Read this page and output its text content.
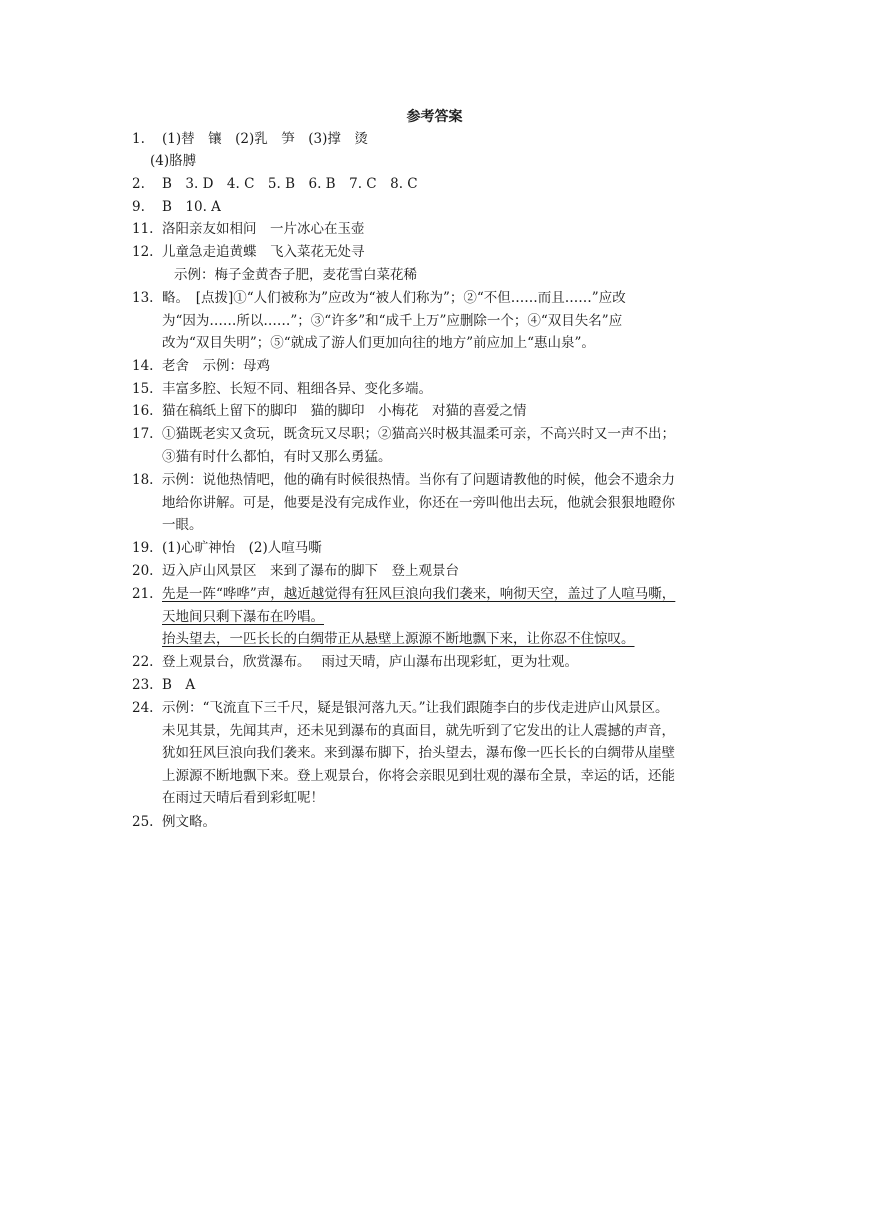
参考答案
1.	(1)替　镶　(2)乳　笋　(3)撑　烫
(4)胳膊
2.	B　3. D　4. C　5. B　6. B　7. C　8. C
9.	B　10. A
11. 洛阳亲友如相问　一片冰心在玉壶
12. 儿童急走追黄蝶　飞入菜花无处寻
示例：梅子金黄杏子肥，麦花雪白菜花稀
13. 略。　[点拨]①“人们被称为”应改为“被人们称为”；②“不但……而且……”应改
为“因为……所以……”；③“许多”和“成千上万”应删除一个；④“双目失名”应
改为“双目失明”；⑤“就成了游人们更加向往的地方”前应加上“惠山泉”。
14. 老舍　示例：母鸡
15. 丰富多腔、长短不同、粗细各异、变化多端。
16. 猫在稿纸上留下的脚印　猫的脚印　小梅花　对猫的喜爱之情
17. ①猫既老实又贪玩，既贪玩又尽职；②猫高兴时极其温柔可亲，不高兴时又一声不出；
③猫有时什么都怕，有时又那么勇猛。
18. 示例：说他热情吧，他的确有时候很热情。当你有了问题请教他的时候，他会不遗余力
地给你讲解。可是，他要是没有完成作业，你还在一旁叫他出去玩，他就会狠狠地瞪你
一眼。
19. (1)心旷神怡　(2)人喧马嘶
20. 迈入庐山风景区　来到了瀑布的脚下　登上观景台
21. 先是一阵“哗哗”声，越近越觉得有狂风巨浪向我们袭来，响彻天空，盖过了人喧马嘶，
天地间只剩下瀑布在吟唱。
抬头望去，一匹长长的白绸带正从悬壁上源源不断地飘下来，让你忍不住惊叹。
22. 登上观景台，欣赏瀑布。　 雨过天晴，庐山瀑布出现彩虹，更为壮观。
23. B　A
24. 示例：“飞流直下三千尺，疑是银河落九天。”让我们跟随李白的步伐走进庐山风景区。
未见其景，先闻其声，还未见到瀑布的真面目，就先听到了它发出的让人震撼的声音，
犹如狂风巨浪向我们袭来。来到瀑布脚下，抬头望去，瀑布像一匹长长的白绸带从崖壁
上源源不断地飘下来。登上观景台，你将会亲眼见到壮观的瀑布全景，幸运的话，还能
在雨过天晴后看到彩虹呢！
25. 例文略。
